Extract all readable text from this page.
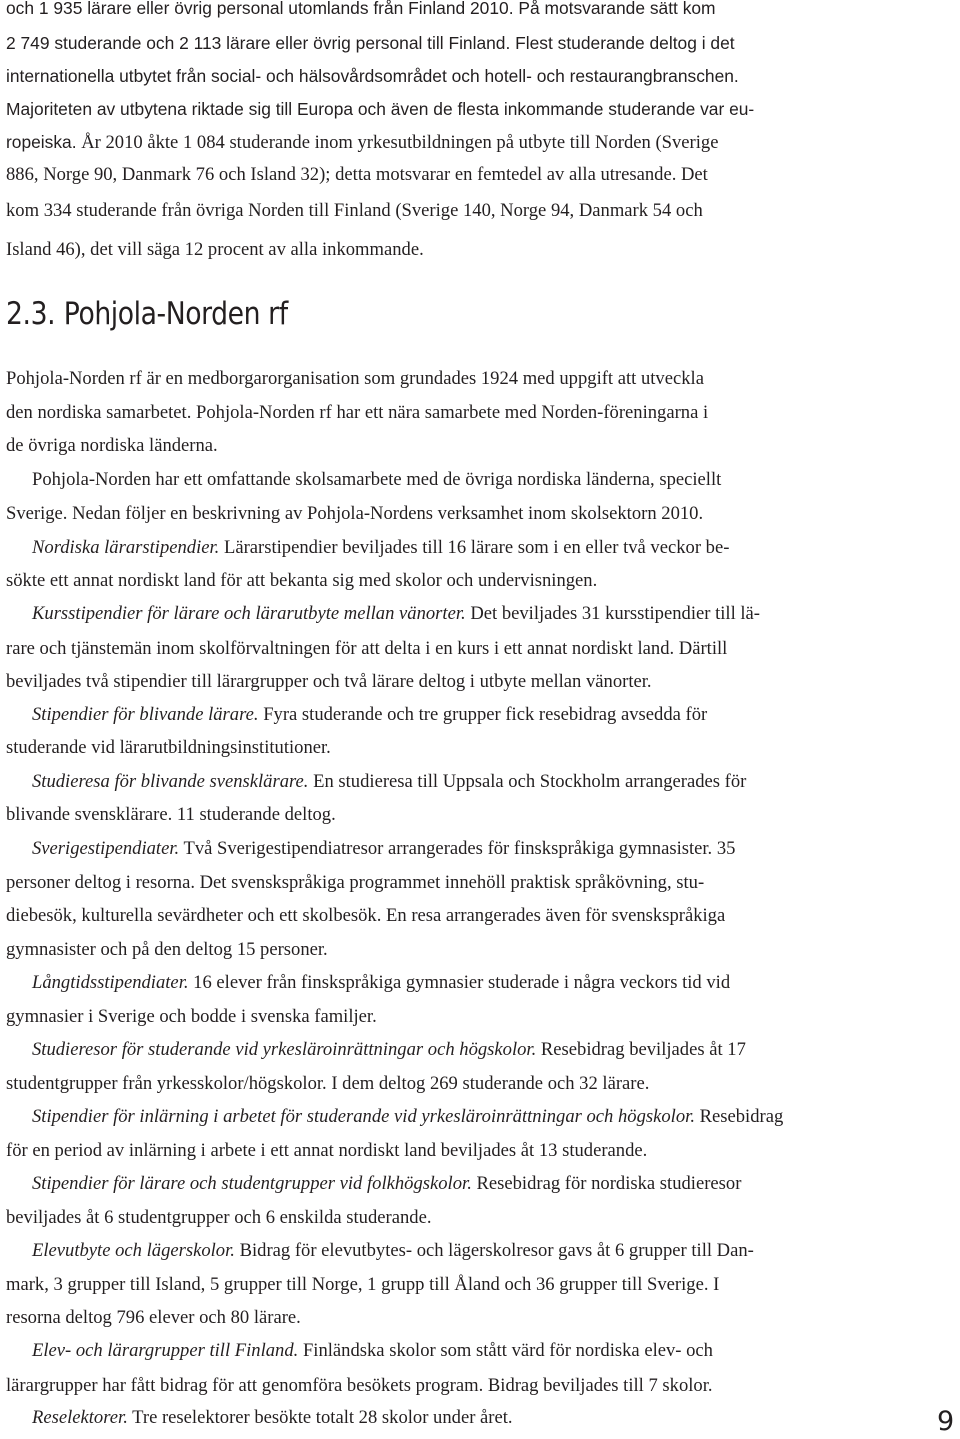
och 1 935 lärare eller övrig personal utomlands från Finland 2010. På motsvarande sätt kom

2 749 studerande och 2 113 lärare eller övrig personal till Finland. Flest studerande deltog i det

internationella utbytet från social- och hälsovårdsområdet och hotell- och restaurangbranschen.

Majoriteten av utbytena riktade sig till Europa och även de flesta inkommande studerande var eu-

ropeiska. År 2010 åkte 1 084 studerande inom yrkesutbildningen på utbyte till Norden (Sverige

886, Norge 90, Danmark 76 och Island 32); detta motsvarar en femtedel av alla utresande. Det

kom 334 studerande från övriga Norden till Finland (Sverige 140, Norge 94, Danmark 54 och

Island 46), det vill säga 12 procent av alla inkommande.

2.3. Pohjola-Norden rf

Pohjola-Norden rf är en medborgarorganisation som grundades 1924 med uppgift att utveckla

den nordiska samarbetet. Pohjola-Norden rf har ett nära samarbete med Norden-föreningarna i

de övriga nordiska länderna.

Pohjola-Norden har ett omfattande skolsamarbete med de övriga nordiska länderna, speciellt

Sverige. Nedan följer en beskrivning av Pohjola-Nordens verksamhet inom skolsektorn 2010.

Nordiska lärarstipendier. Lärarstipendier beviljades till 16 lärare som i en eller två veckor be-

sökte ett annat nordiskt land för att bekanta sig med skolor och undervisningen.

Kursstipendier för lärare och lärarutbyte mellan vänorter. Det beviljades 31 kursstipendier till lä-

rare och tjänstemän inom skolförvaltningen för att delta i en kurs i ett annat nordiskt land. Därtill

beviljades två stipendier till lärargrupper och två lärare deltog i utbyte mellan vänorter.

Stipendier för blivande lärare. Fyra studerande och tre grupper fick resebidrag avsedda för

studerande vid lärarutbildningsinstitutioner.

Studieresa för blivande svensklärare. En studieresa till Uppsala och Stockholm arrangerades för

blivande svensklärare. 11 studerande deltog.

Sverigestipendiater. Två Sverigestipendiatresor arrangerades för finskspråkiga gymnasister. 35

personer deltog i resorna. Det svenskspråkiga programmet innehöll praktisk språkövning, stu-

diebesök, kulturella sevärdheter och ett skolbesök. En resa arrangerades även för svenskspråkiga

gymnasister och på den deltog 15 personer.

Långtidsstipendiater. 16 elever från finskspråkiga gymnasier studerade i några veckors tid vid

gymnasier i Sverige och bodde i svenska familjer.

Studieresor för studerande vid yrkesläroinrättningar och högskolor. Resebidrag beviljades åt 17

studentgrupper från yrkesskolor/högskolor. I dem deltog 269 studerande och 32 lärare.

Stipendier för inlärning i arbetet för studerande vid yrkesläroinrättningar och högskolor. Resebidrag

för en period av inlärning i arbete i ett annat nordiskt land beviljades åt 13 studerande.

Stipendier för lärare och studentgrupper vid folkhögskolor. Resebidrag för nordiska studieresor

beviljades åt 6 studentgrupper och 6 enskilda studerande.

Elevutbyte och lägerskolor. Bidrag för elevutbytes- och lägerskolresor gavs åt 6 grupper till Dan-

mark, 3 grupper till Island, 5 grupper till Norge, 1 grupp till Åland och 36 grupper till Sverige. I

resorna deltog 796 elever och 80 lärare.

Elev- och lärargrupper till Finland. Finländska skolor som stått värd för nordiska elev- och

lärargrupper har fått bidrag för att genomföra besökets program. Bidrag beviljades till 7 skolor.

Reselektorer. Tre reselektorer besökte totalt 28 skolor under året.	9
